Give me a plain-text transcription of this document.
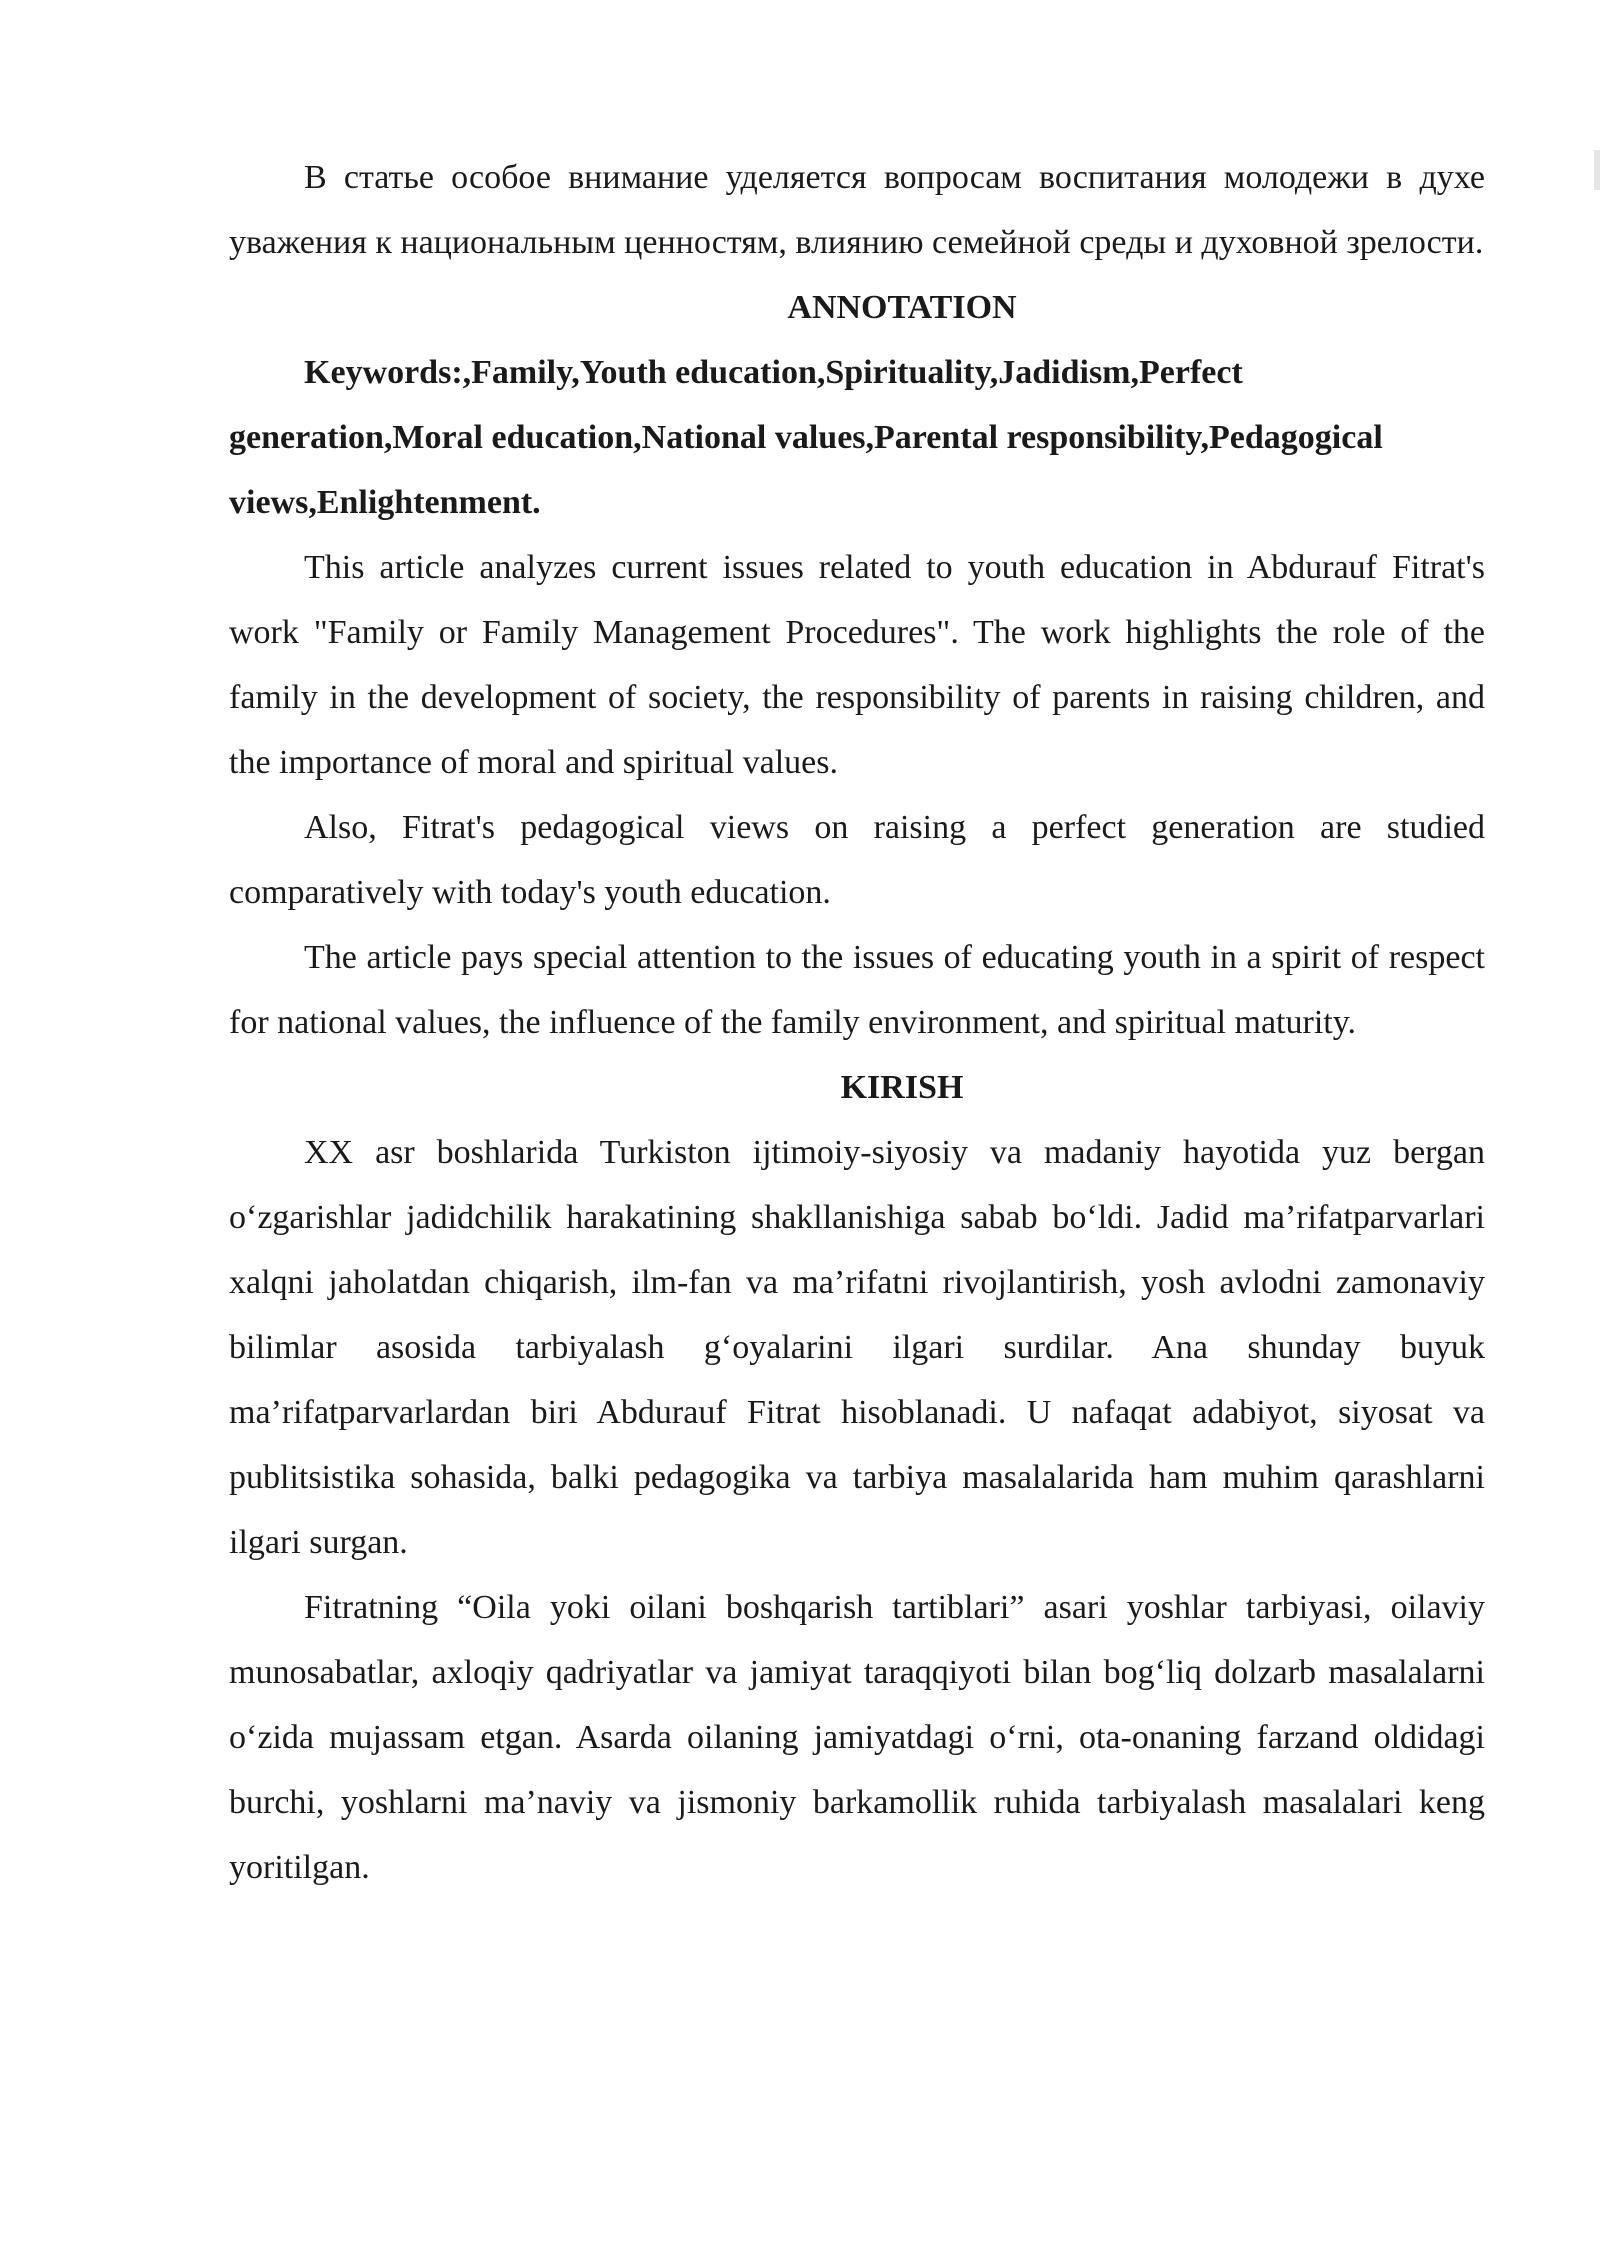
В статье особое внимание уделяется вопросам воспитания молодежи в духе уважения к национальным ценностям, влиянию семейной среды и духовной зрелости.

ANNOTATION

Keywords:,Family,Youth education,Spirituality,Jadidism,Perfect generation,Moral education,National values,Parental responsibility,Pedagogical views,Enlightenment.

This article analyzes current issues related to youth education in Abdurauf Fitrat's work "Family or Family Management Procedures". The work highlights the role of the family in the development of society, the responsibility of parents in raising children, and the importance of moral and spiritual values.

Also, Fitrat's pedagogical views on raising a perfect generation are studied comparatively with today's youth education.

The article pays special attention to the issues of educating youth in a spirit of respect for national values, the influence of the family environment, and spiritual maturity.

KIRISH

XX asr boshlarida Turkiston ijtimoiy-siyosiy va madaniy hayotida yuz bergan o‘zgarishlar jadidchilik harakatining shakllanishiga sabab bo‘ldi. Jadid ma’rifatparvarlari xalqni jaholatdan chiqarish, ilm-fan va ma’rifatni rivojlantirish, yosh avlodni zamonaviy bilimlar asosida tarbiyalash g‘oyalarini ilgari surdilar. Ana shunday buyuk ma’rifatparvarlardan biri Abdurauf Fitrat hisoblanadi. U nafaqat adabiyot, siyosat va publitsistika sohasida, balki pedagogika va tarbiya masalalarida ham muhim qarashlarni ilgari surgan.

Fitratning “Oila yoki oilani boshqarish tartiblari” asari yoshlar tarbiyasi, oilaviy munosabatlar, axloqiy qadriyatlar va jamiyat taraqqiyoti bilan bog‘liq dolzarb masalalarni o‘zida mujassam etgan. Asarda oilaning jamiyatdagi o‘rni, ota-onaning farzand oldidagi burchi, yoshlarni ma’naviy va jismoniy barkamollik ruhida tarbiyalash masalalari keng yoritilgan.
